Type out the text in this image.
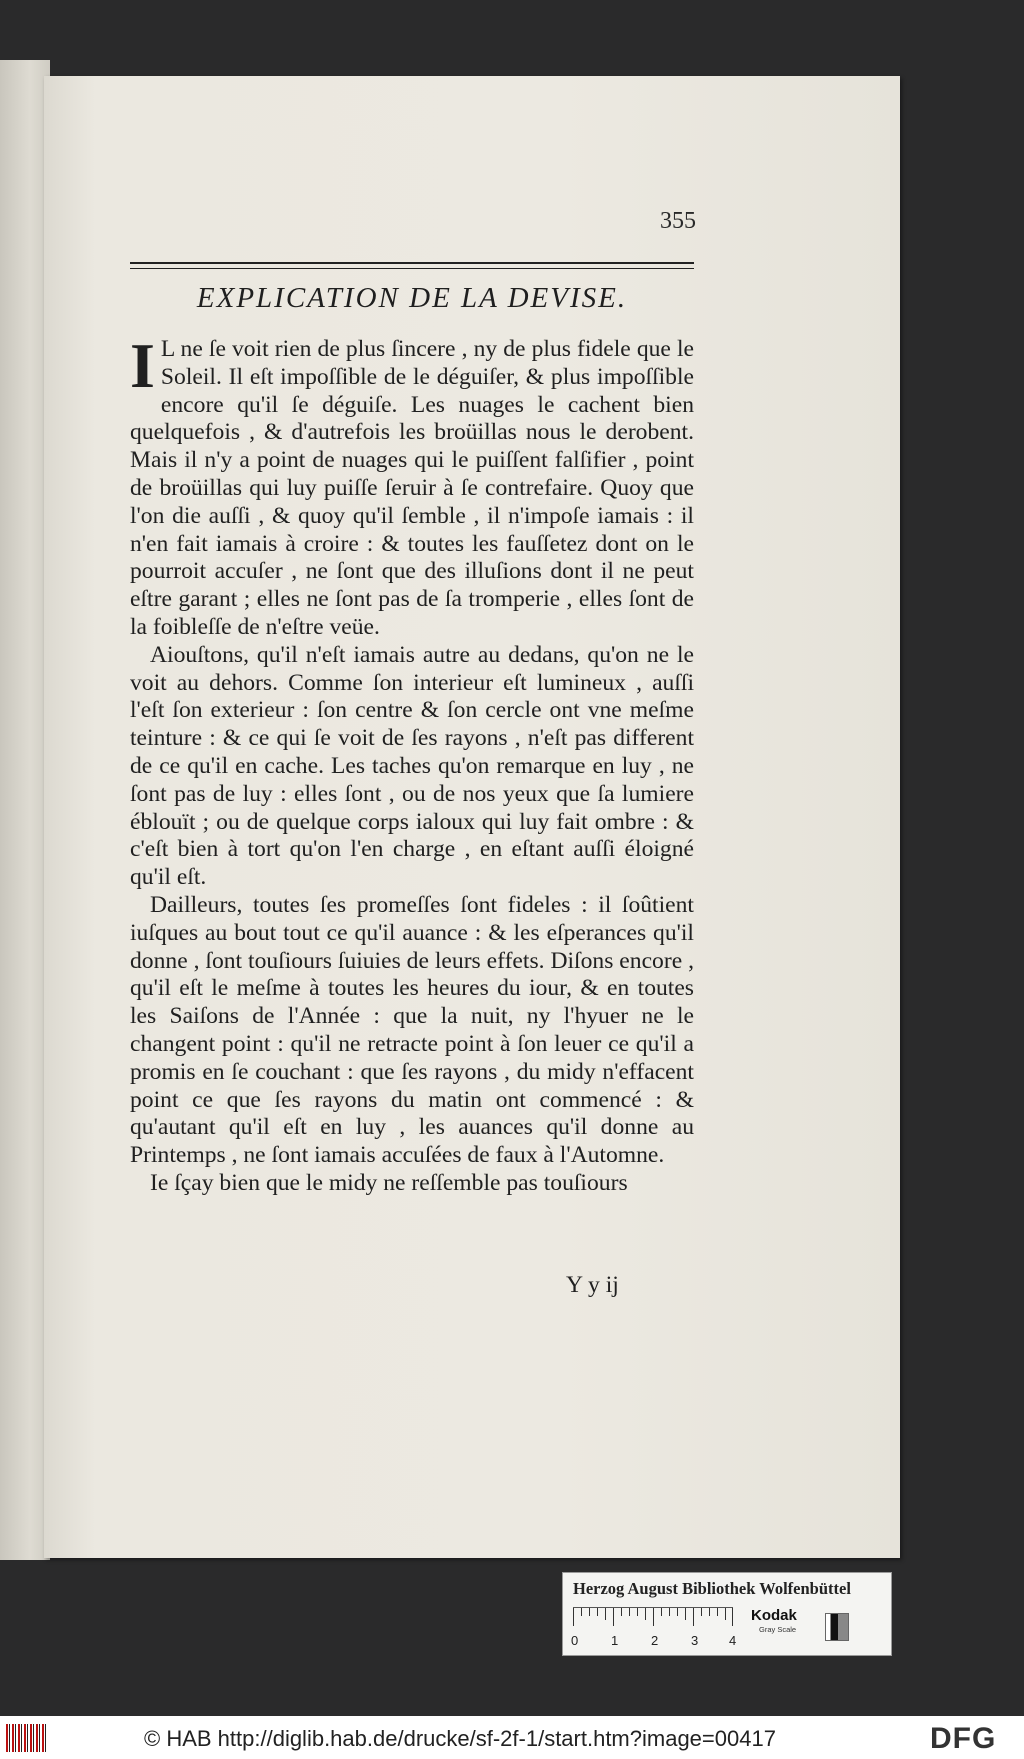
355
EXPLICATION DE LA DEVISE.

I L ne ſe voit rien de plus ſincere , ny de plus fidele que le Soleil. Il eſt impoſſible de le déguiſer, & plus impoſſible encore qu'il ſe déguiſe. Les nuages le cachent bien quelquefois , & d'autrefois les broüillas nous le derobent. Mais il n'y a point de nuages qui le puiſſent falſifier , point de broüillas qui luy puiſſe ſeruir à ſe contrefaire. Quoy que l'on die auſſi , & quoy qu'il ſemble , il n'impoſe iamais : il n'en fait iamais à croire : & toutes les fauſſetez dont on le pourroit accuſer , ne ſont que des illuſions dont il ne peut eſtre garant ; elles ne ſont pas de ſa tromperie , elles ſont de la foibleſſe de n'eſtre veüe.

Aiouſtons, qu'il n'eſt iamais autre au dedans, qu'on ne le voit au dehors. Comme ſon interieur eſt lumineux , auſſi l'eſt ſon exterieur : ſon centre & ſon cercle ont vne meſme teinture : & ce qui ſe voit de ſes rayons , n'eſt pas different de ce qu'il en cache. Les taches qu'on remarque en luy , ne ſont pas de luy : elles ſont , ou de nos yeux que ſa lumiere éblouït ; ou de quelque corps ialoux qui luy fait ombre : & c'eſt bien à tort qu'on l'en charge , en eſtant auſſi éloigné qu'il eſt.

Dailleurs, toutes ſes promeſſes ſont fideles : il ſoûtient iuſques au bout tout ce qu'il auance : & les eſperances qu'il donne , ſont touſiours ſuiuies de leurs effets. Diſons encore , qu'il eſt le meſme à toutes les heures du iour, & en toutes les Saiſons de l'Année : que la nuit, ny l'hyuer ne le changent point : qu'il ne retracte point à ſon leuer ce qu'il a promis en ſe couchant : que ſes rayons , du midy n'effacent point ce que ſes rayons du matin ont commencé : & qu'autant qu'il eſt en luy , les auances qu'il donne au Printemps , ne ſont iamais accuſées de faux à l'Automne.

Ie ſçay bien que le midy ne reſſemble pas touſiours

Y y ij
Herzog August Bibliothek Wolfenbüttel
0	1	2	3 4
Kodak
Gray Scale
© HAB http://diglib.hab.de/drucke/sf-2f-1/start.htm?image=00417	DFG
